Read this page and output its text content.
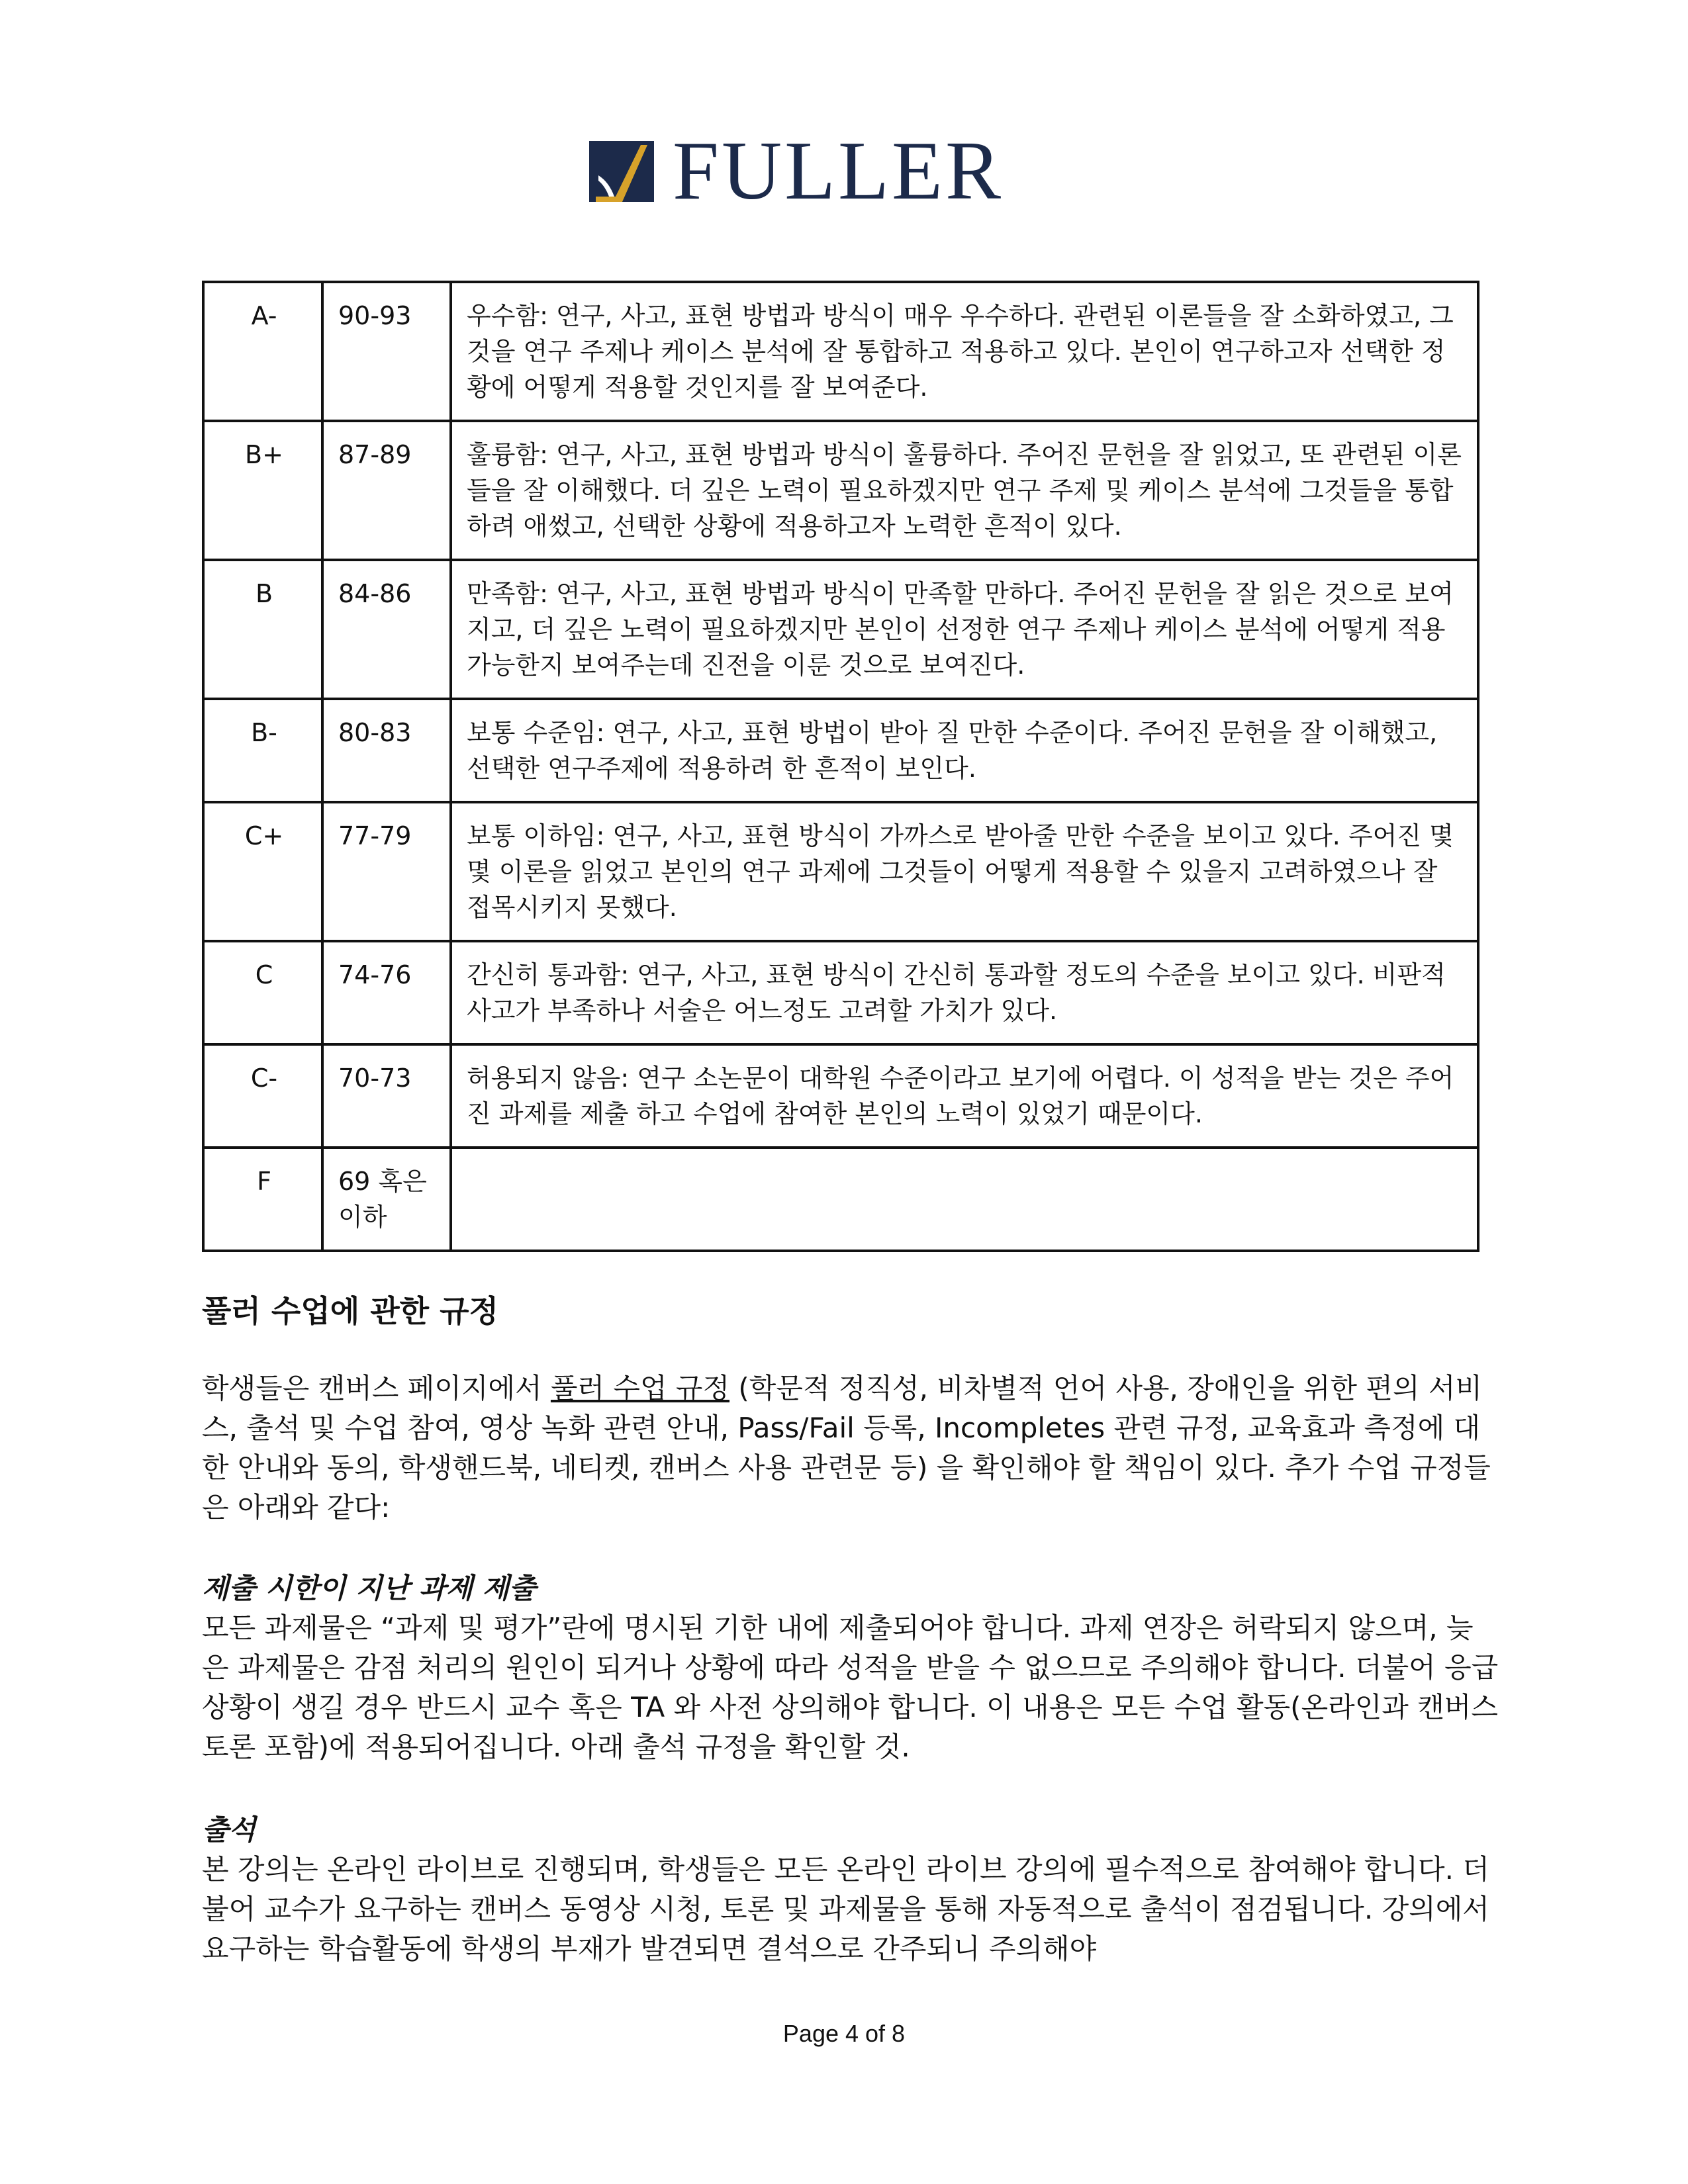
FULLER
A-	90-93	우수함: 연구, 사고, 표현 방법과 방식이 매우 우수하다. 관련된 이론들을 잘 소화하였고, 그것을 연구 주제나 케이스 분석에 잘 통합하고 적용하고 있다. 본인이 연구하고자 선택한 정황에 어떻게 적용할 것인지를 잘 보여준다.
B+	87-89	훌륭함: 연구, 사고, 표현 방법과 방식이 훌륭하다. 주어진 문헌을 잘 읽었고, 또 관련된 이론들을 잘 이해했다. 더 깊은 노력이 필요하겠지만 연구 주제 및 케이스 분석에 그것들을 통합하려 애썼고, 선택한 상황에 적용하고자 노력한 흔적이 있다.
B	84-86	만족함: 연구, 사고, 표현 방법과 방식이 만족할 만하다. 주어진 문헌을 잘 읽은 것으로 보여지고, 더 깊은 노력이 필요하겠지만 본인이 선정한 연구 주제나 케이스 분석에 어떻게 적용가능한지 보여주는데 진전을 이룬 것으로 보여진다.
B-	80-83	보통 수준임: 연구, 사고, 표현 방법이 받아 질 만한 수준이다. 주어진 문헌을 잘 이해했고, 선택한 연구주제에 적용하려 한 흔적이 보인다.
C+	77-79	보통 이하임: 연구, 사고, 표현 방식이 가까스로 받아줄 만한 수준을 보이고 있다. 주어진 몇몇 이론을 읽었고 본인의 연구 과제에 그것들이 어떻게 적용할 수 있을지 고려하였으나 잘 접목시키지 못했다.
C	74-76	간신히 통과함: 연구, 사고, 표현 방식이 간신히 통과할 정도의 수준을 보이고 있다. 비판적 사고가 부족하나 서술은 어느정도 고려할 가치가 있다.
C-	70-73	허용되지 않음: 연구 소논문이 대학원 수준이라고 보기에 어렵다. 이 성적을 받는 것은 주어진 과제를 제출 하고 수업에 참여한 본인의 노력이 있었기 때문이다.
F	69 혹은 이하	
풀러 수업에 관한 규정
학생들은 캔버스 페이지에서 풀러 수업 규정 (학문적 정직성, 비차별적 언어 사용, 장애인을 위한 편의 서비스, 출석 및 수업 참여, 영상 녹화 관련 안내, Pass/Fail 등록, Incompletes 관련 규정, 교육효과 측정에 대한 안내와 동의, 학생핸드북, 네티켓, 캔버스 사용 관련문 등) 을 확인해야 할 책임이 있다. 추가 수업 규정들은 아래와 같다:
제출 시한이 지난 과제 제출
모든 과제물은 “과제 및 평가”란에 명시된 기한 내에 제출되어야 합니다. 과제 연장은 허락되지 않으며, 늦은 과제물은 감점 처리의 원인이 되거나 상황에 따라 성적을 받을 수 없으므로 주의해야 합니다. 더불어 응급 상황이 생길 경우 반드시 교수 혹은 TA 와 사전 상의해야 합니다. 이 내용은 모든 수업 활동(온라인과 캔버스 토론 포함)에 적용되어집니다. 아래 출석 규정을 확인할 것.
출석
본 강의는 온라인 라이브로 진행되며, 학생들은 모든 온라인 라이브 강의에 필수적으로 참여해야 합니다. 더불어 교수가 요구하는 캔버스 동영상 시청, 토론 및 과제물을 통해 자동적으로 출석이 점검됩니다. 강의에서 요구하는 학습활동에 학생의 부재가 발견되면 결석으로 간주되니 주의해야
Page 4 of 8
